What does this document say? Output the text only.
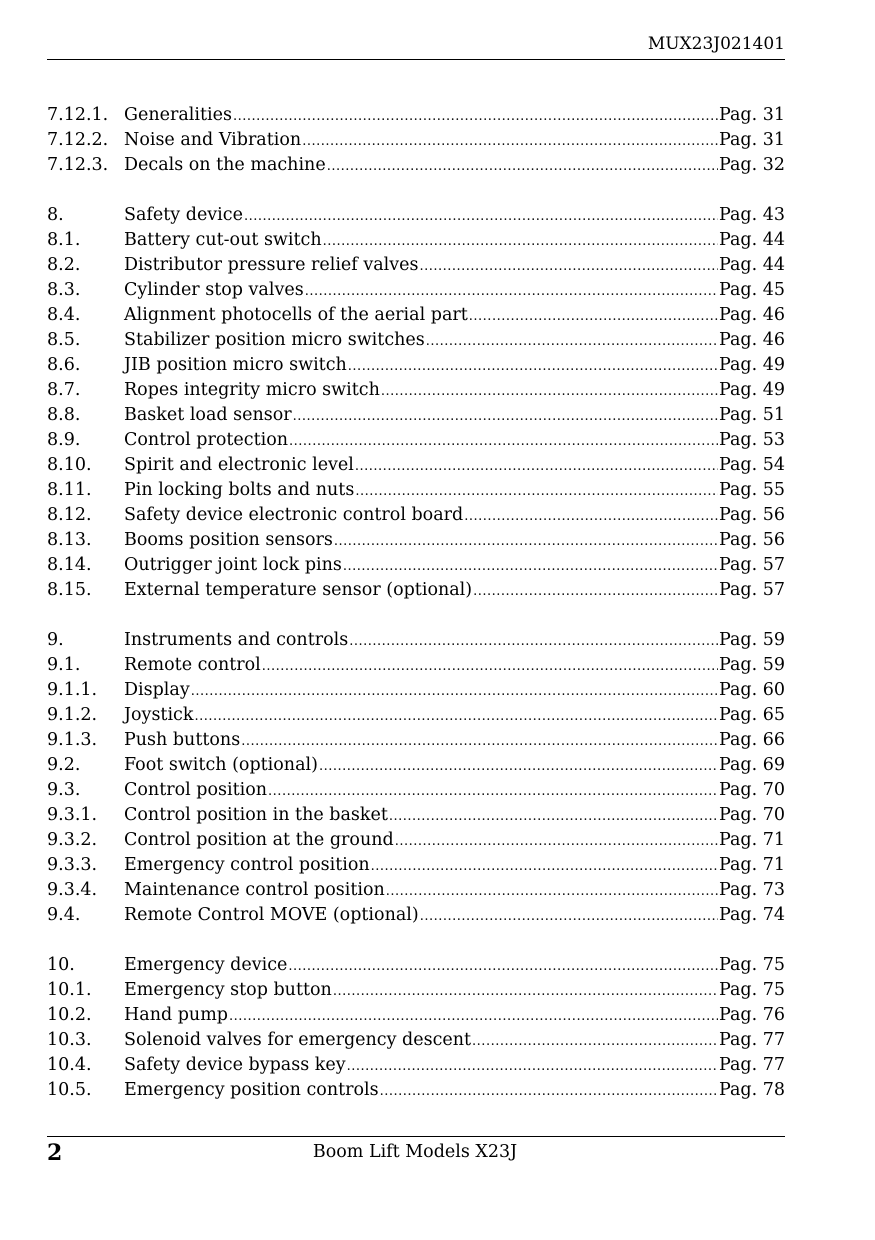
MUX23J021401
7.12.1. Generalities .....	Pag. 31
7.12.2. Noise and Vibration .....	Pag. 31
7.12.3. Decals on the machine .....	Pag. 32
8.	Safety device .....	Pag. 43
8.1.	Battery cut-out switch .....	Pag. 44
8.2.	Distributor pressure relief valves .....	Pag. 44
8.3.	Cylinder stop valves .....	Pag. 45
8.4.	Alignment photocells of the aerial part .....	Pag. 46
8.5.	Stabilizer position micro switches .....	Pag. 46
8.6.	JIB position micro switch .....	Pag. 49
8.7.	Ropes integrity micro switch .....	Pag. 49
8.8.	Basket load sensor .....	Pag. 51
8.9.	Control protection .....	Pag. 53
8.10.	Spirit and electronic level .....	Pag. 54
8.11.	Pin locking bolts and nuts .....	Pag. 55
8.12.	Safety device electronic control board .....	Pag. 56
8.13.	Booms position sensors .....	Pag. 56
8.14.	Outrigger joint lock pins .....	Pag. 57
8.15.	External temperature sensor (optional) .....	Pag. 57
9.	Instruments and controls .....	Pag. 59
9.1.	Remote control .....	Pag. 59
9.1.1.	Display .....	Pag. 60
9.1.2.	Joystick .....	Pag. 65
9.1.3.	Push buttons .....	Pag. 66
9.2.	Foot switch (optional) .....	Pag. 69
9.3.	Control position .....	Pag. 70
9.3.1.	Control position in the basket .....	Pag. 70
9.3.2.	Control position at the ground .....	Pag. 71
9.3.3.	Emergency control position .....	Pag. 71
9.3.4.	Maintenance control position .....	Pag. 73
9.4.	Remote Control MOVE (optional) .....	Pag. 74
10.	Emergency device .....	Pag. 75
10.1.	Emergency stop button .....	Pag. 75
10.2.	Hand pump .....	Pag. 76
10.3.	Solenoid valves for emergency descent .....	Pag. 77
10.4.	Safety device bypass key .....	Pag. 77
10.5.	Emergency position controls .....	Pag. 78
2	Boom Lift Models X23J
